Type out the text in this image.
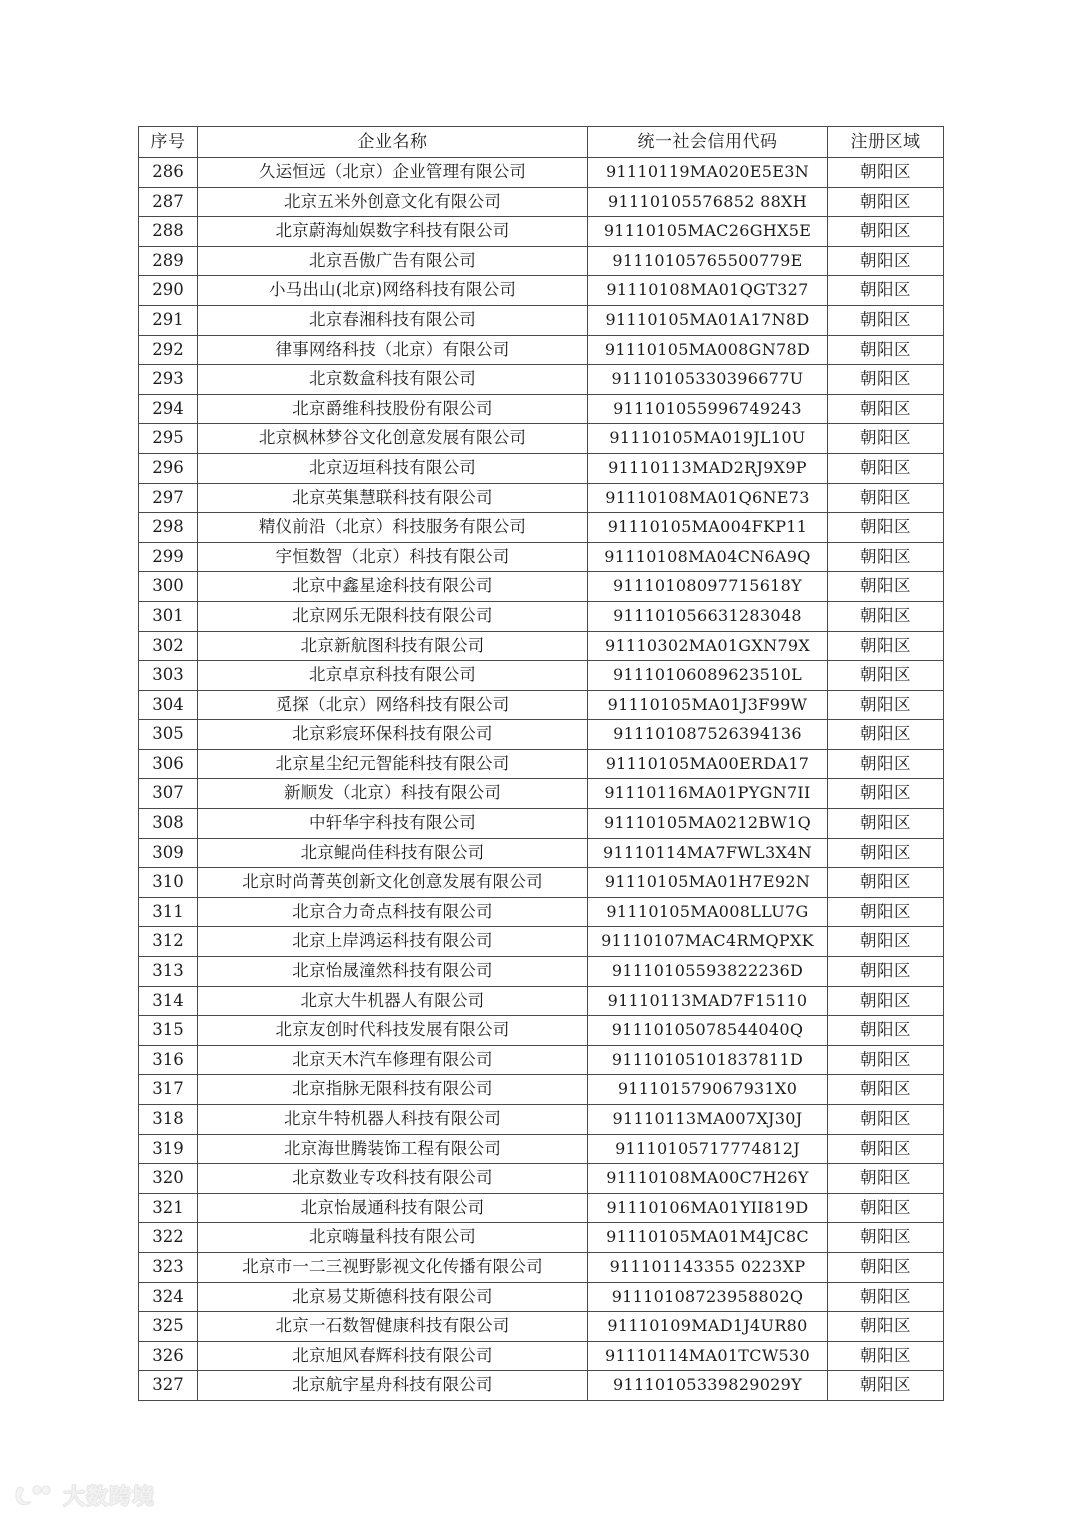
序号	企业名称	统一社会信用代码	注册区域
286	久运恒远（北京）企业管理有限公司	91110119MA020E5E3N	朝阳区
287	北京五米外创意文化有限公司	91110105576852 88XH	朝阳区
288	北京蔚海灿娱数字科技有限公司	91110105MAC26GHX5E	朝阳区
289	北京吾傲广告有限公司	91110105765500779E	朝阳区
290	小马出山(北京)网络科技有限公司	91110108MA01QGT327	朝阳区
291	北京春湘科技有限公司	91110105MA01A17N8D	朝阳区
292	律事网络科技（北京）有限公司	91110105MA008GN78D	朝阳区
293	北京数盒科技有限公司	91110105330396677U	朝阳区
294	北京爵维科技股份有限公司	911101055996749243	朝阳区
295	北京枫林梦谷文化创意发展有限公司	91110105MA019JL10U	朝阳区
296	北京迈垣科技有限公司	91110113MAD2RJ9X9P	朝阳区
297	北京英集慧联科技有限公司	91110108MA01Q6NE73	朝阳区
298	精仪前沿（北京）科技服务有限公司	91110105MA004FKP11	朝阳区
299	宇恒数智（北京）科技有限公司	91110108MA04CN6A9Q	朝阳区
300	北京中鑫星途科技有限公司	91110108097715618Y	朝阳区
301	北京网乐无限科技有限公司	911101056631283048	朝阳区
302	北京新航图科技有限公司	91110302MA01GXN79X	朝阳区
303	北京卓京科技有限公司	91110106089623510L	朝阳区
304	觅探（北京）网络科技有限公司	91110105MA01J3F99W	朝阳区
305	北京彩宸环保科技有限公司	911101087526394136	朝阳区
306	北京星尘纪元智能科技有限公司	91110105MA00ERDA17	朝阳区
307	新顺发（北京）科技有限公司	91110116MA01PYGN7II	朝阳区
308	中轩华宇科技有限公司	91110105MA0212BW1Q	朝阳区
309	北京鲲尚佳科技有限公司	91110114MA7FWL3X4N	朝阳区
310	北京时尚菁英创新文化创意发展有限公司	91110105MA01H7E92N	朝阳区
311	北京合力奇点科技有限公司	91110105MA008LLU7G	朝阳区
312	北京上岸鸿运科技有限公司	91110107MAC4RMQPXK	朝阳区
313	北京怡晟潼然科技有限公司	91110105593822236D	朝阳区
314	北京大牛机器人有限公司	91110113MAD7F15110	朝阳区
315	北京友创时代科技发展有限公司	91110105078544040Q	朝阳区
316	北京天木汽车修理有限公司	91110105101837811D	朝阳区
317	北京指脉无限科技有限公司	911101579067931X0	朝阳区
318	北京牛特机器人科技有限公司	91110113MA007XJ30J	朝阳区
319	北京海世腾装饰工程有限公司	91110105717774812J	朝阳区
320	北京数业专攻科技有限公司	91110108MA00C7H26Y	朝阳区
321	北京怡晟通科技有限公司	91110106MA01YII819D	朝阳区
322	北京嗨量科技有限公司	91110105MA01M4JC8C	朝阳区
323	北京市一二三视野影视文化传播有限公司	911101143355 0223XP	朝阳区
324	北京易艾斯德科技有限公司	91110108723958802Q	朝阳区
325	北京一石数智健康科技有限公司	91110109MAD1J4UR80	朝阳区
326	北京旭风春辉科技有限公司	91110114MA01TCW530	朝阳区
327	北京航宇星舟科技有限公司	91110105339829029Y	朝阳区
大数跨境
